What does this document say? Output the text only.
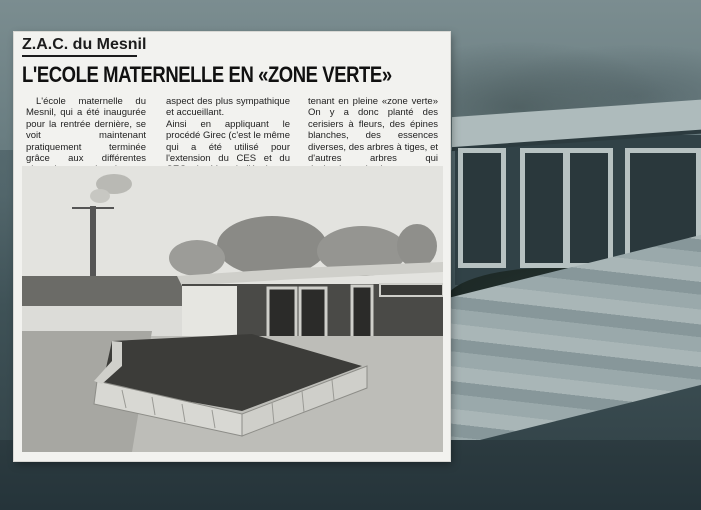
Z.A.C. du Mesnil
L'ECOLE MATERNELLE EN «ZONE VERTE»

L'école maternelle du Mesnil, qui a été inaugurée pour la rentrée dernière, se voit maintenant pratiquement terminée grâce aux différentes

aspect des plus sympathique et accueillant.
Ainsi en appliquant le procédé Girec (c'est le même qui a été utilisé pour l'extension du CES et du

tenant en pleine «zone verte» On y a donc planté des cerisiers à fleurs, des épines blanches, des essences diverses, des arbres à tiges, et d'autres arbres qui
